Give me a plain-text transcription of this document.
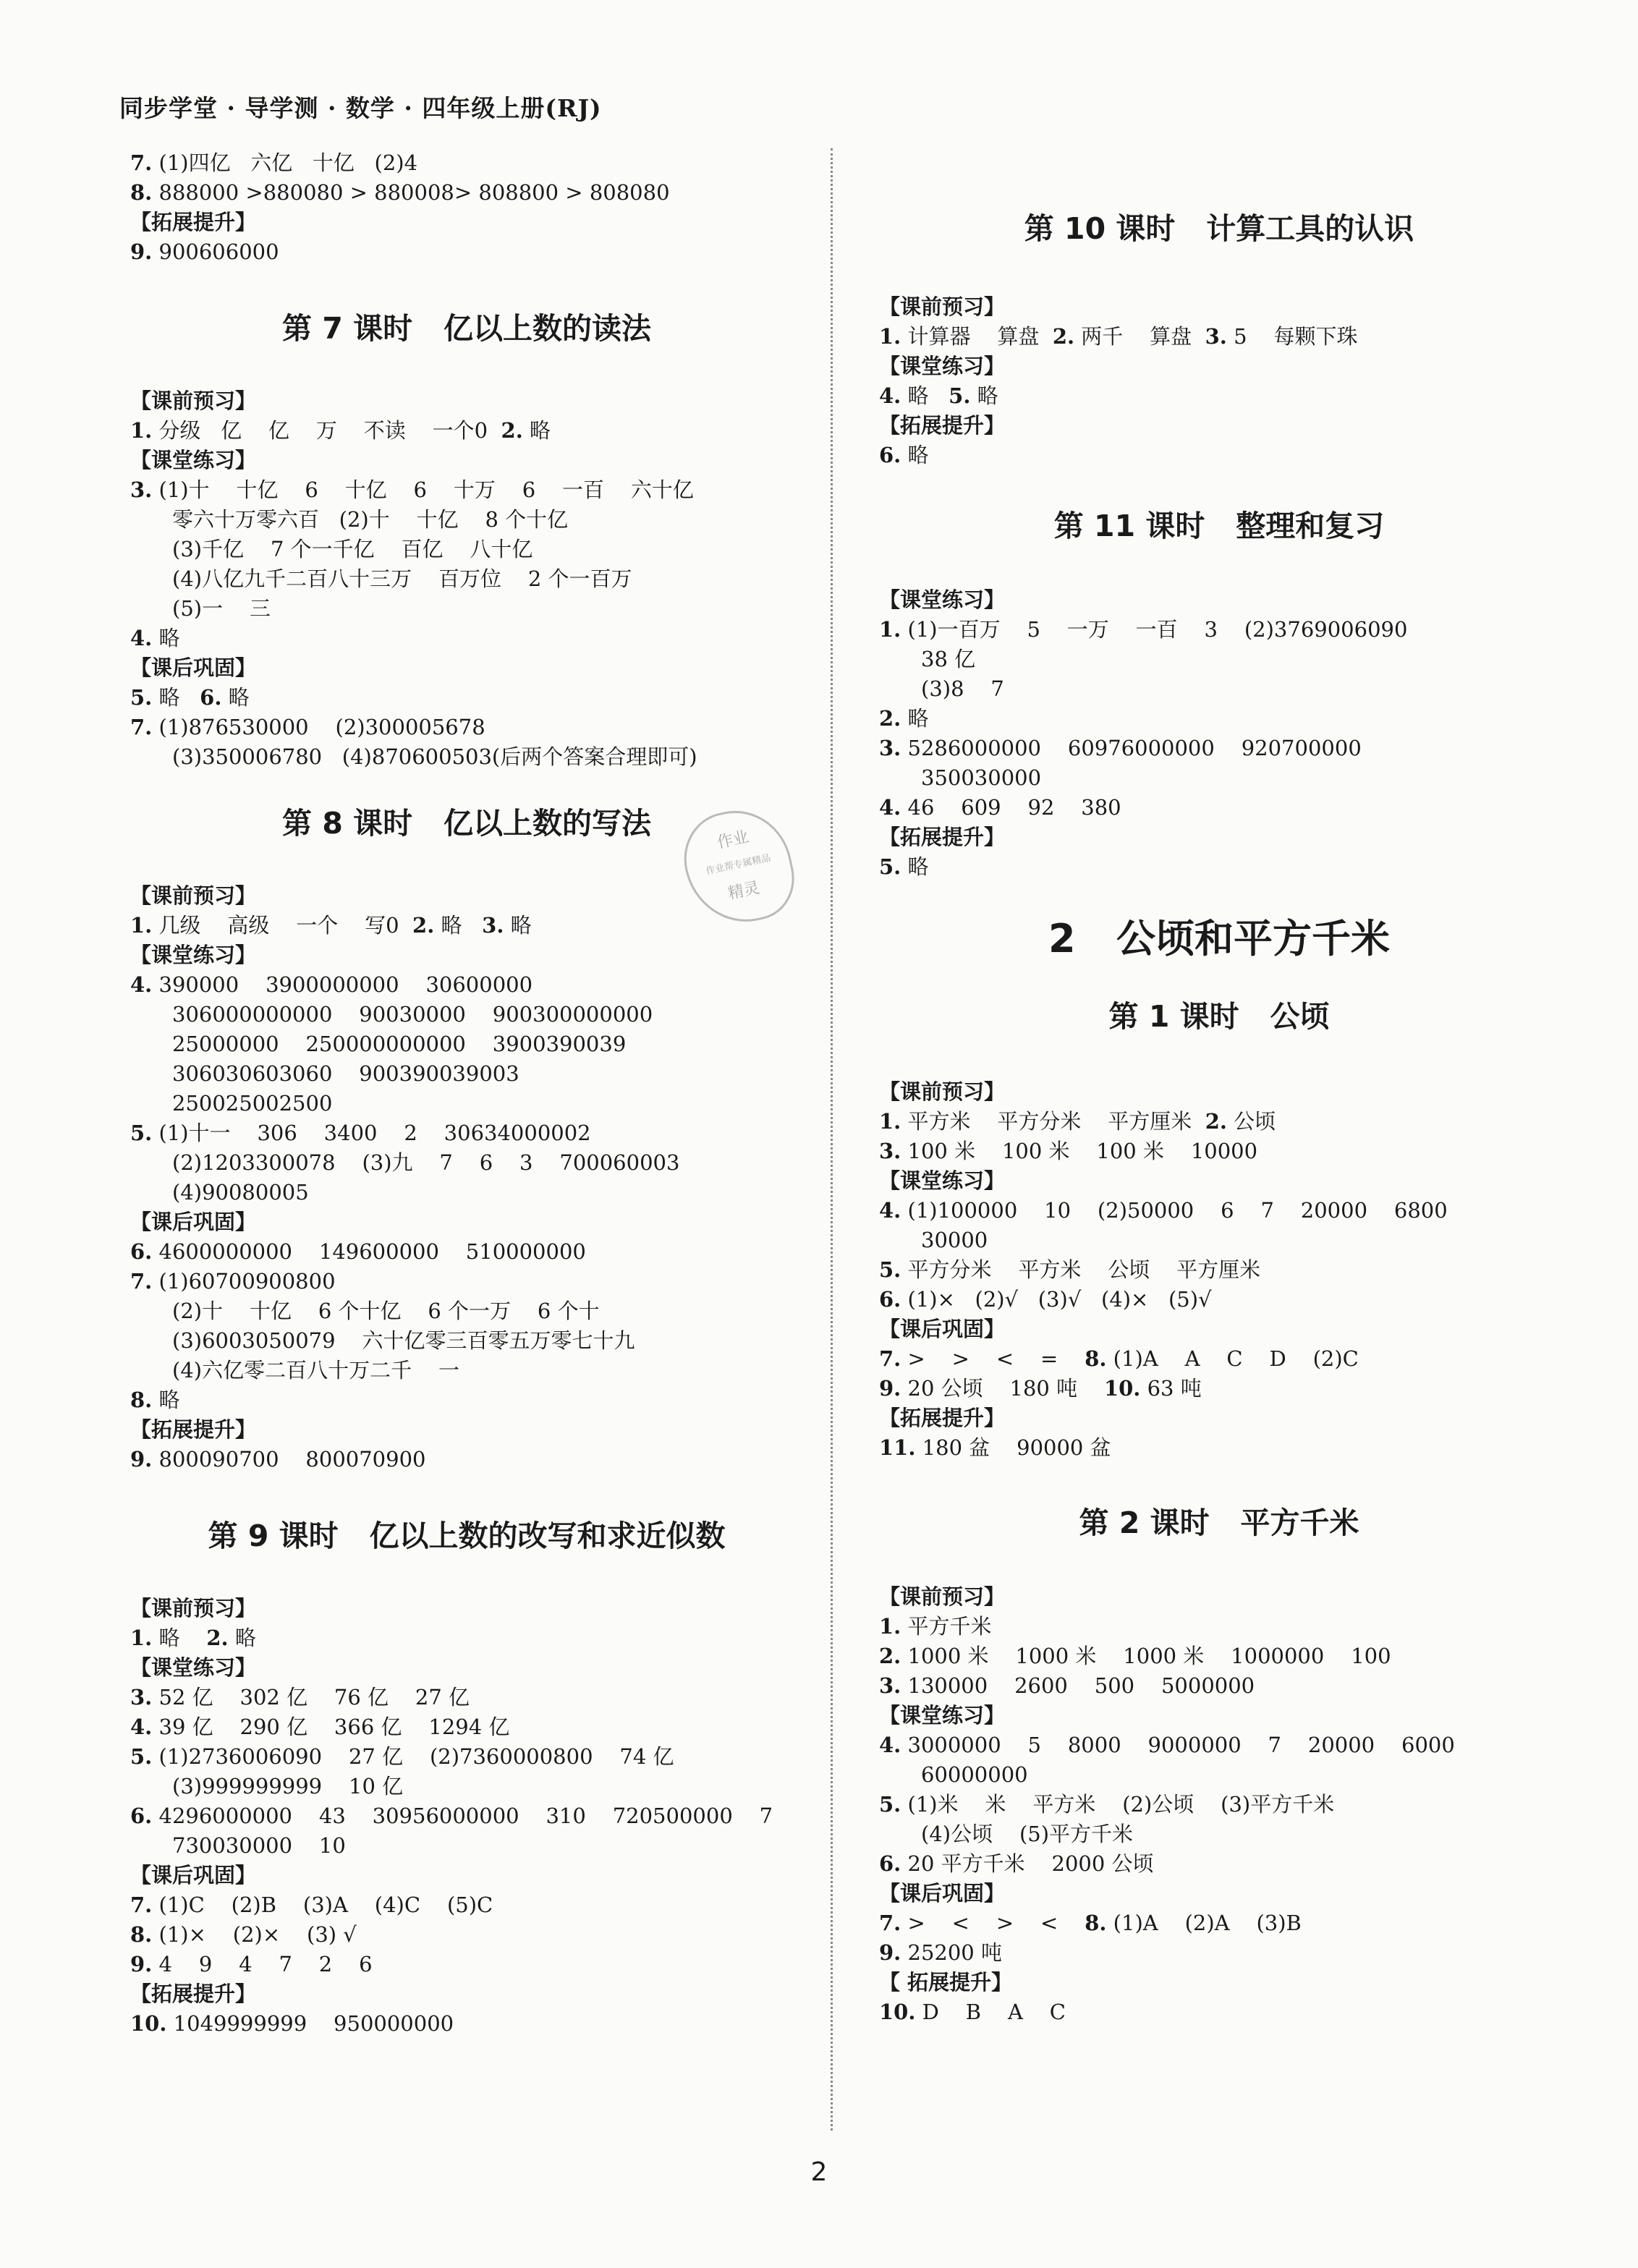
同步学堂 · 导学测 · 数学 · 四年级上册(RJ)
作业
作业帮专属精品
精灵
7. (1)四亿   六亿   十亿   (2)4
8. 888000 >880080 > 880008> 808800 > 808080
【拓展提升】
9. 900606000
第 7 课时   亿以上数的读法
【课前预习】
1. 分级   亿    亿    万    不读    一个0  2. 略
【课堂练习】
3. (1)十    十亿    6    十亿    6    十万    6    一百    六十亿
零六十万零六百   (2)十    十亿    8 个十亿
(3)千亿    7 个一千亿    百亿    八十亿
(4)八亿九千二百八十三万    百万位    2 个一百万
(5)一    三
4. 略
【课后巩固】
5. 略   6. 略
7. (1)876530000    (2)300005678
(3)350006780   (4)870600503(后两个答案合理即可)
第 8 课时   亿以上数的写法
【课前预习】
1. 几级    高级    一个    写0  2. 略   3. 略
【课堂练习】
4. 390000    3900000000    30600000
306000000000    90030000    900300000000
25000000    250000000000    3900390039
306030603060    900390039003
250025002500
5. (1)十一    306    3400    2    30634000002
(2)1203300078    (3)九    7    6    3    700060003
(4)90080005
【课后巩固】
6. 4600000000    149600000    510000000
7. (1)60700900800
(2)十    十亿    6 个十亿    6 个一万    6 个十
(3)6003050079    六十亿零三百零五万零七十九
(4)六亿零二百八十万二千    一
8. 略
【拓展提升】
9. 800090700    800070900
第 9 课时   亿以上数的改写和求近似数
【课前预习】
1. 略    2. 略
【课堂练习】
3. 52 亿    302 亿    76 亿    27 亿
4. 39 亿    290 亿    366 亿    1294 亿
5. (1)2736006090    27 亿    (2)7360000800    74 亿
(3)999999999    10 亿
6. 4296000000    43    30956000000    310    720500000    7
730030000    10
【课后巩固】
7. (1)C    (2)B    (3)A    (4)C    (5)C
8. (1)×    (2)×    (3) √
9. 4    9    4    7    2    6
【拓展提升】
10. 1049999999    950000000
第 10 课时   计算工具的认识
【课前预习】
1. 计算器    算盘  2. 两千    算盘  3. 5    每颗下珠
【课堂练习】
4. 略   5. 略
【拓展提升】
6. 略
第 11 课时   整理和复习
【课堂练习】
1. (1)一百万    5    一万    一百    3    (2)3769006090
38 亿
(3)8    7
2. 略
3. 5286000000    60976000000    920700000
350030000
4. 46    609    92    380
【拓展提升】
5. 略
2   公顷和平方千米
第 1 课时   公顷
【课前预习】
1. 平方米    平方分米    平方厘米  2. 公顷
3. 100 米    100 米    100 米    10000
【课堂练习】
4. (1)100000    10    (2)50000    6    7    20000    6800
30000
5. 平方分米    平方米    公顷    平方厘米
6. (1)×   (2)√   (3)√   (4)×   (5)√
【课后巩固】
7. >    >    <    =    8. (1)A    A    C    D    (2)C
9. 20 公顷    180 吨    10. 63 吨
【拓展提升】
11. 180 盆    90000 盆
第 2 课时   平方千米
【课前预习】
1. 平方千米
2. 1000 米    1000 米    1000 米    1000000    100
3. 130000    2600    500    5000000
【课堂练习】
4. 3000000    5    8000    9000000    7    20000    6000
60000000
5. (1)米    米    平方米    (2)公顷    (3)平方千米
(4)公顷    (5)平方千米
6. 20 平方千米    2000 公顷
【课后巩固】
7. >    <    >    <    8. (1)A    (2)A    (3)B
9. 25200 吨
【 拓展提升】
10. D    B    A    C
2
